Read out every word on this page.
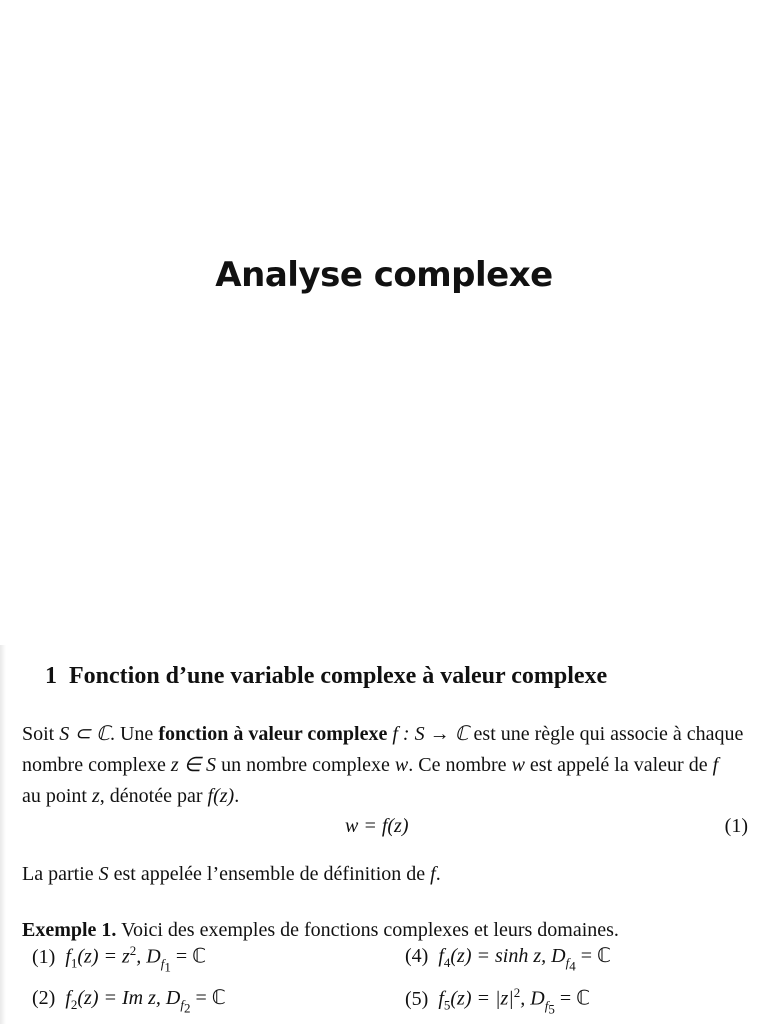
Analyse complexe
1 Fonction d’une variable complexe à valeur complexe
Soit S ⊂ ℂ. Une fonction à valeur complexe f : S → ℂ est une règle qui associe à chaque
nombre complexe z ∈ S un nombre complexe w. Ce nombre w est appelé la valeur de f
au point z, dénotée par f(z).
w = f(z)	(1)
La partie S est appelée l’ensemble de définition de f.
Exemple 1. Voici des exemples de fonctions complexes et leurs domaines.
(1) $f_1(z) = z^2$, $D_{f_1}$ = ℂ	(4) $f_4(z) = \sinh z$, $D_{f_4}$ = ℂ
(2) $f_2(z) = Im$ z, $D_{f_2}$ = ℂ	(5) $f_5(z) = |z|^2$, $D_{f_5}$ = ℂ
